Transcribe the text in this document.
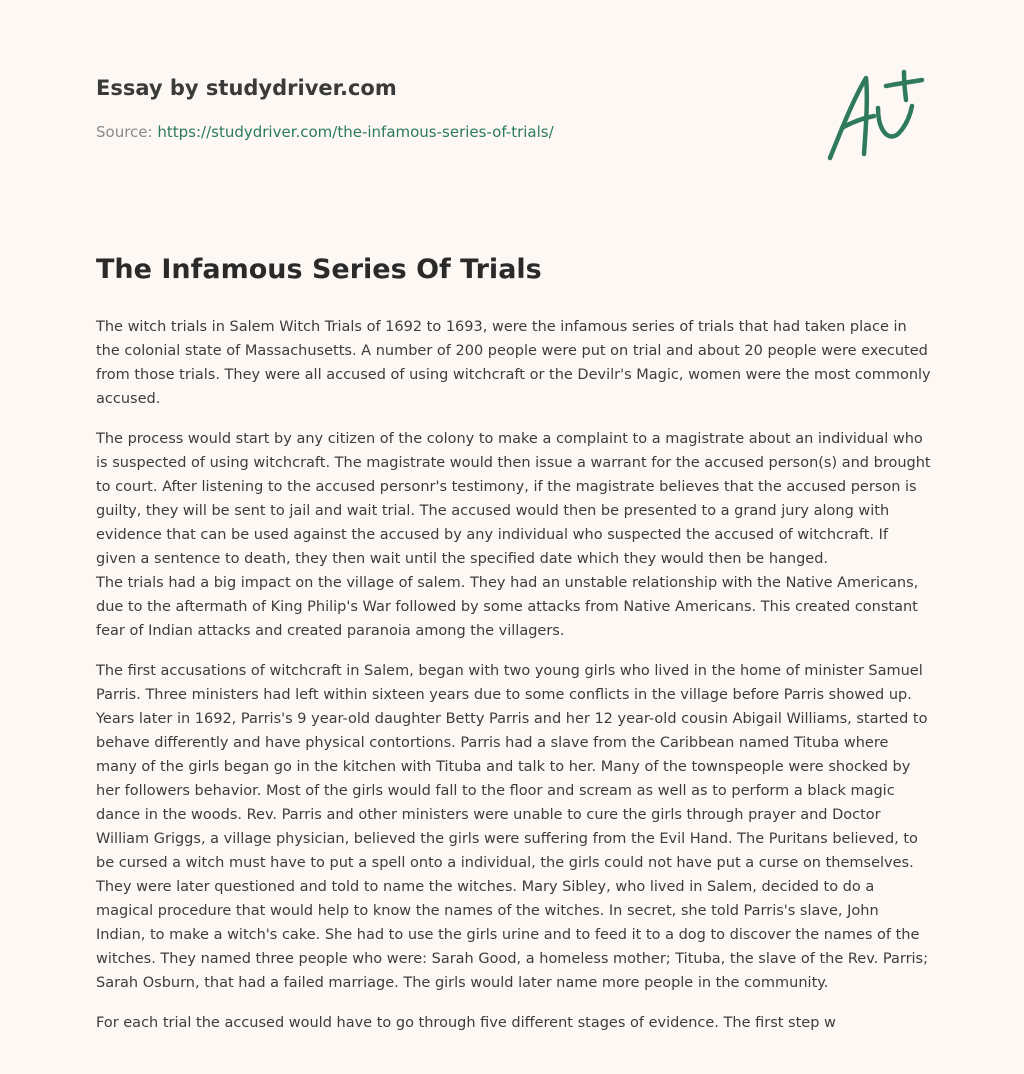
Essay by studydriver.com
Source: https://studydriver.com/the-infamous-series-of-trials/
The Infamous Series Of Trials

The witch trials in Salem Witch Trials of 1692 to 1693, were the infamous series of trials that had taken place in the colonial state of Massachusetts. A number of 200 people were put on trial and about 20 people were executed from those trials. They were all accused of using witchcraft or the Devilr's Magic, women were the most commonly accused.

The process would start by any citizen of the colony to make a complaint to a magistrate about an individual who is suspected of using witchcraft. The magistrate would then issue a warrant for the accused person(s) and brought to court. After listening to the accused personr's testimony, if the magistrate believes that the accused person is guilty, they will be sent to jail and wait trial. The accused would then be presented to a grand jury along with evidence that can be used against the accused by any individual who suspected the accused of witchcraft. If given a sentence to death, they then wait until the specified date which they would then be hanged.
The trials had a big impact on the village of salem. They had an unstable relationship with the Native Americans, due to the aftermath of King Philip's War followed by some attacks from Native Americans. This created constant fear of Indian attacks and created paranoia among the villagers.

The first accusations of witchcraft in Salem, began with two young girls who lived in the home of minister Samuel Parris. Three ministers had left within sixteen years due to some conflicts in the village before Parris showed up. Years later in 1692, Parris's 9 year-old daughter Betty Parris and her 12 year-old cousin Abigail Williams, started to behave differently and have physical contortions. Parris had a slave from the Caribbean named Tituba where many of the girls began go in the kitchen with Tituba and talk to her. Many of the townspeople were shocked by her followers behavior. Most of the girls would fall to the floor and scream as well as to perform a black magic dance in the woods. Rev. Parris and other ministers were unable to cure the girls through prayer and Doctor William Griggs, a village physician, believed the girls were suffering from the Evil Hand. The Puritans believed, to be cursed a witch must have to put a spell onto a individual, the girls could not have put a curse on themselves. They were later questioned and told to name the witches. Mary Sibley, who lived in Salem, decided to do a magical procedure that would help to know the names of the witches. In secret, she told Parris's slave, John Indian, to make a witch's cake. She had to use the girls urine and to feed it to a dog to discover the names of the witches. They named three people who were: Sarah Good, a homeless mother; Tituba, the slave of the Rev. Parris; Sarah Osburn, that had a failed marriage. The girls would later name more people in the community.

For each trial the accused would have to go through five different stages of evidence. The first step w
